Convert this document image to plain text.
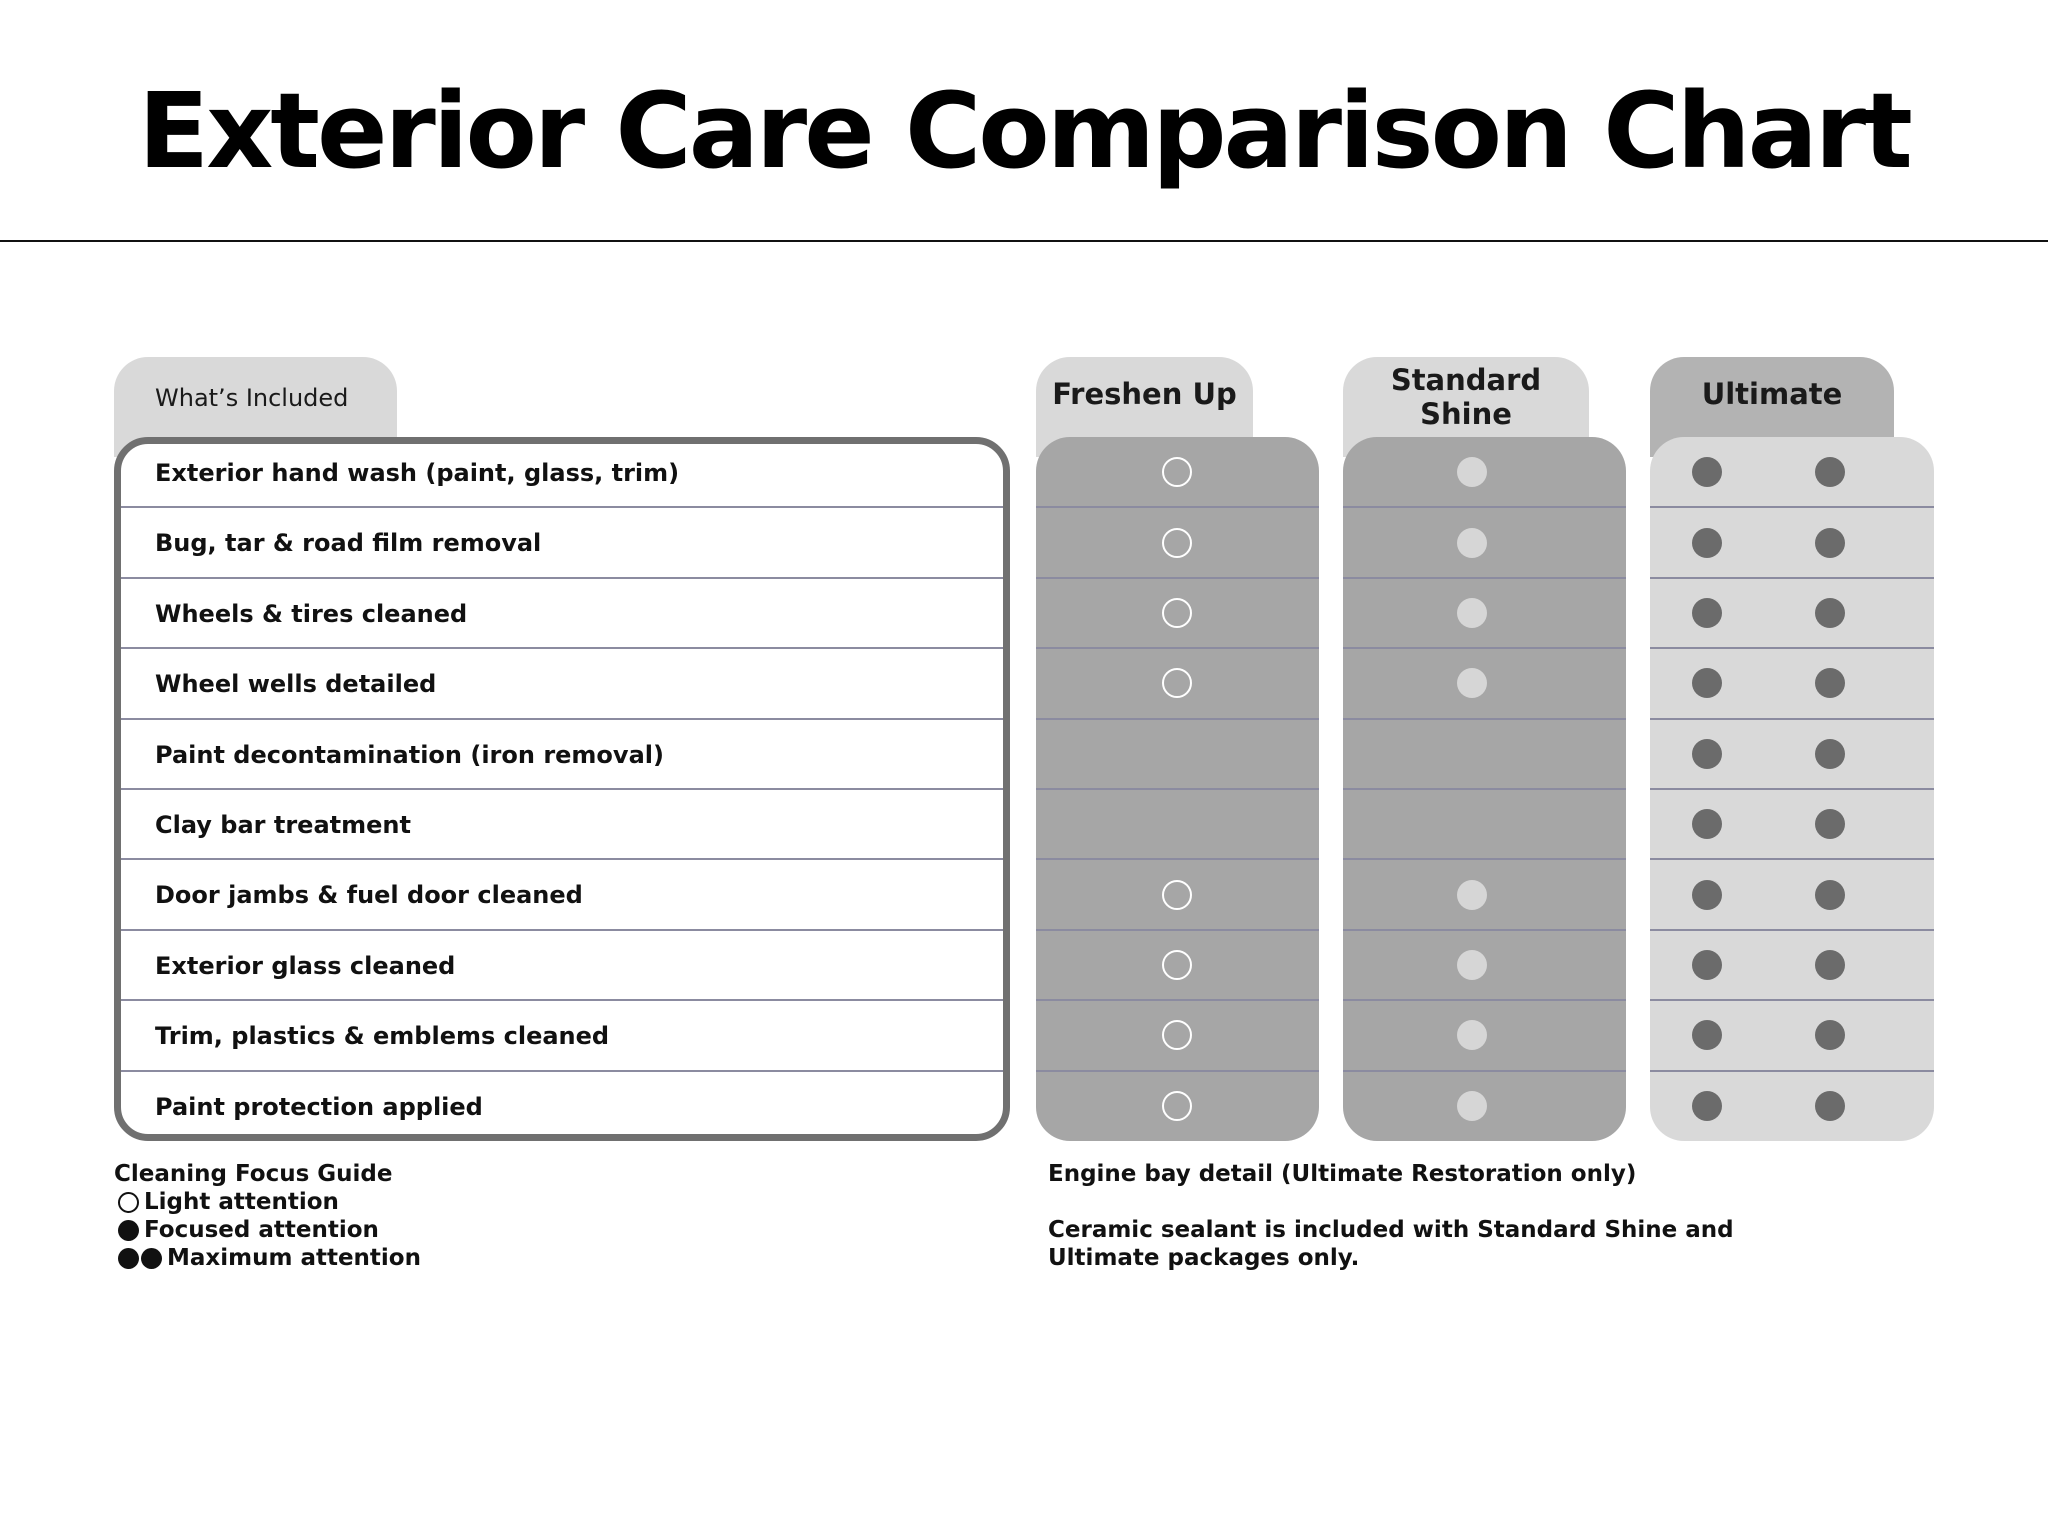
Exterior Care Comparison Chart
What’s Included	Freshen Up	Standard Shine
Ultimate
Exterior hand wash (paint, glass, trim)
Bug, tar & road film removal
Wheels & tires cleaned
Wheel wells detailed
Paint decontamination (iron removal)
Clay bar treatment
Door jambs & fuel door cleaned
Exterior glass cleaned
Trim, plastics & emblems cleaned
Paint protection applied
Cleaning Focus Guide
Light attention
Focused attention
Maximum attention

Engine bay detail (Ultimate Restoration only)

Ceramic sealant is included with Standard Shine and Ultimate packages only.
